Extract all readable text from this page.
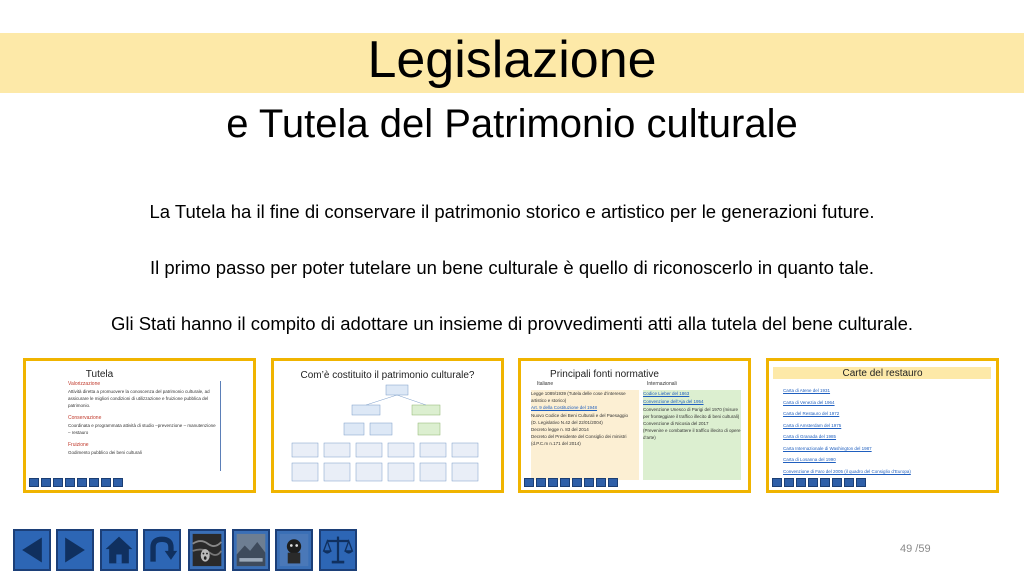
Legislazione
e Tutela del Patrimonio culturale
La Tutela ha il fine di conservare il patrimonio storico e artistico per le generazioni future.
Il primo passo per poter tutelare un bene culturale è quello di riconoscerlo in quanto tale.
Gli Stati hanno il compito di adottare un insieme di provvedimenti atti alla tutela del bene culturale.
Tutela
Valorizzazione
Attività diretta a promuovere la conoscenza del patrimonio culturale, ad assicurare le migliori condizioni di utilizzazione e fruizione pubblica del patrimonio.
Conservazione
Coordinata e programmata attività di studio –prevenzione – manutenzione – restauro
Fruizione
Godimento pubblico dei beni culturali
Com’è costituito il patrimonio culturale?	Principali fonti normative
Italiane	Internazionali
Legge 1089/1939 (Tutela delle cose d’interesse artistico e storico)
Art. 9 della Costituzione del 1948
Nuovo Codice dei Beni Culturali e del Paesaggio
(D. Legislativo N.42 del 22/01/2004)
Decreto legge n. 83 del 2014
Decreto del Presidente del Consiglio dei ministri (d.P.C.m n.171 del 2014)
Codice Lieber del 1863
Convenzione dell’Aja del 1954
Convenzione Unesco di Parigi del 1970 (misure per fronteggiare il traffico illecito di beni culturali)
Convenzione di Nicosia del 2017
(Prevenire e combattere il traffico illecito di opere d’arte)
Carte del restauro
Carta di Atene del 1931
Carta di Venezia del 1964
Carta del Restauro del 1972
Carta di Amsterdam del 1975
Carta di Granada del 1985
Carta Internazionale di Washington del 1987
Carta di Losanna del 1990
Convenzione di Faro del 2005 (il quadro del Consiglio d’Europa)
49 /59
